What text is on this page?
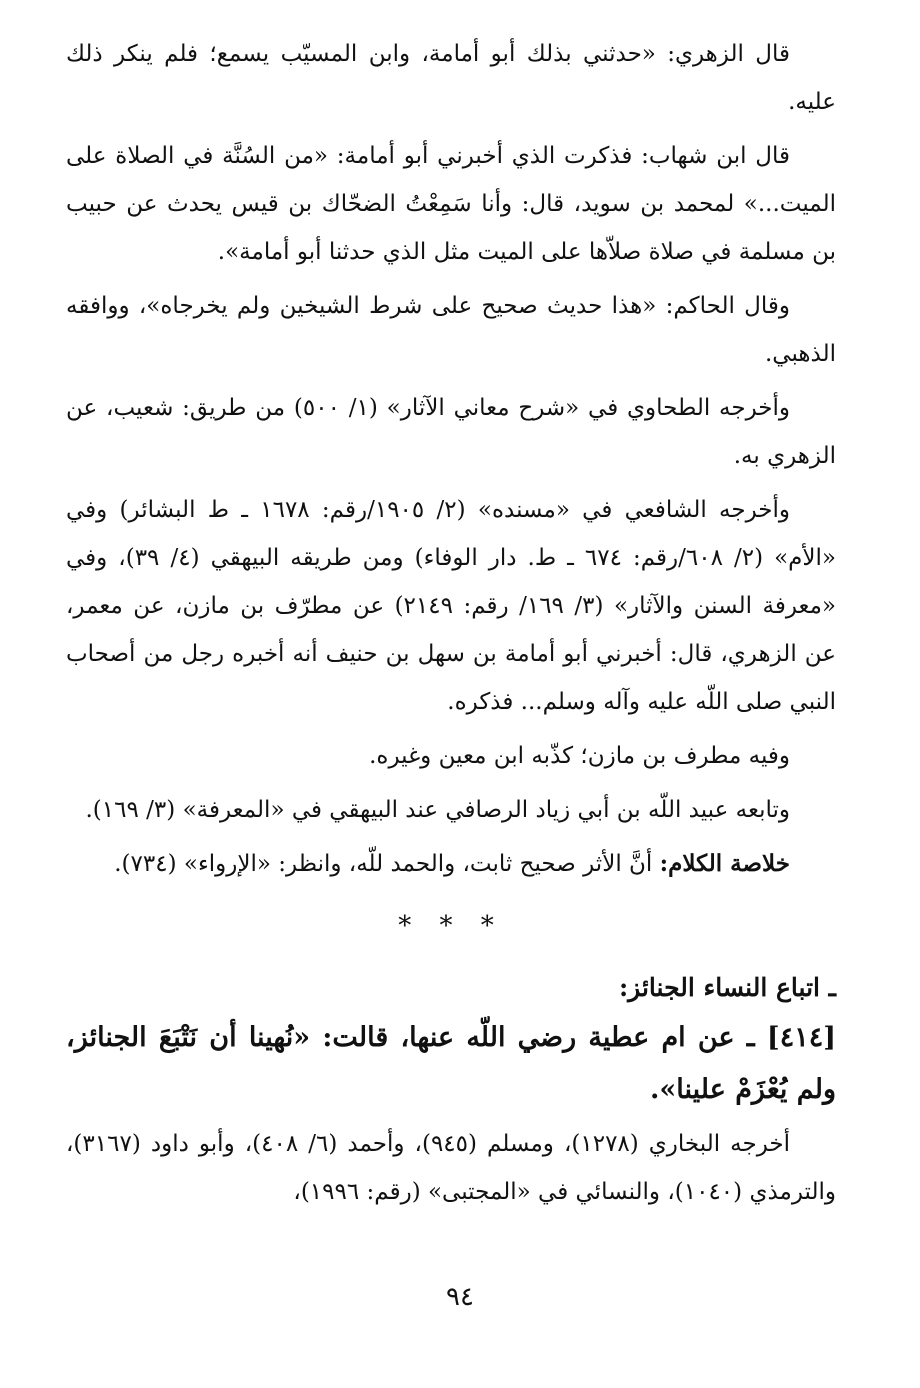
قال الزهري: «حدثني بذلك أبو أمامة، وابن المسيّب يسمع؛ فلم ينكر ذلك عليه.

قال ابن شهاب: فذكرت الذي أخبرني أبو أمامة: «من السُنَّة في الصلاة على الميت...» لمحمد بن سويد، قال: وأنا سَمِعْتُ الضحّاك بن قيس يحدث عن حبيب بن مسلمة في صلاة صلاّها على الميت مثل الذي حدثنا أبو أمامة».

وقال الحاكم: «هذا حديث صحيح على شرط الشيخين ولم يخرجاه»، ووافقه الذهبي.

وأخرجه الطحاوي في «شرح معاني الآثار» (١/ ٥٠٠) من طريق: شعيب، عن الزهري به.

وأخرجه الشافعي في «مسنده» (٢/ ١٩٠٥/رقم: ١٦٧٨ ـ ط البشائر) وفي «الأم» (٢/ ٦٠٨/رقم: ٦٧٤ ـ ط. دار الوفاء) ومن طريقه البيهقي (٤/ ٣٩)، وفي «معرفة السنن والآثار» (٣/ ١٦٩/ رقم: ٢١٤٩) عن مطرّف بن مازن، عن معمر، عن الزهري، قال: أخبرني أبو أمامة بن سهل بن حنيف أنه أخبره رجل من أصحاب النبي صلى اللّه عليه وآله وسلم... فذكره.

وفيه مطرف بن مازن؛ كذّبه ابن معين وغيره.

وتابعه عبيد اللّه بن أبي زياد الرصافي عند البيهقي في «المعرفة» (٣/ ١٦٩).

خلاصة الكلام: أنَّ الأثر صحيح ثابت، والحمد للّه، وانظر: «الإرواء» (٧٣٤).

* * *

ـ اتباع النساء الجنائز:

[٤١٤] ـ عن ام عطية رضي اللّه عنها، قالت: «نُهينا أن نَتْبَعَ الجنائز، ولم يُعْزَمْ علينا».

أخرجه البخاري (١٢٧٨)، ومسلم (٩٤٥)، وأحمد (٦/ ٤٠٨)، وأبو داود (٣١٦٧)، والترمذي (١٠٤٠)، والنسائي في «المجتبى» (رقم: ١٩٩٦)،

٩٤
